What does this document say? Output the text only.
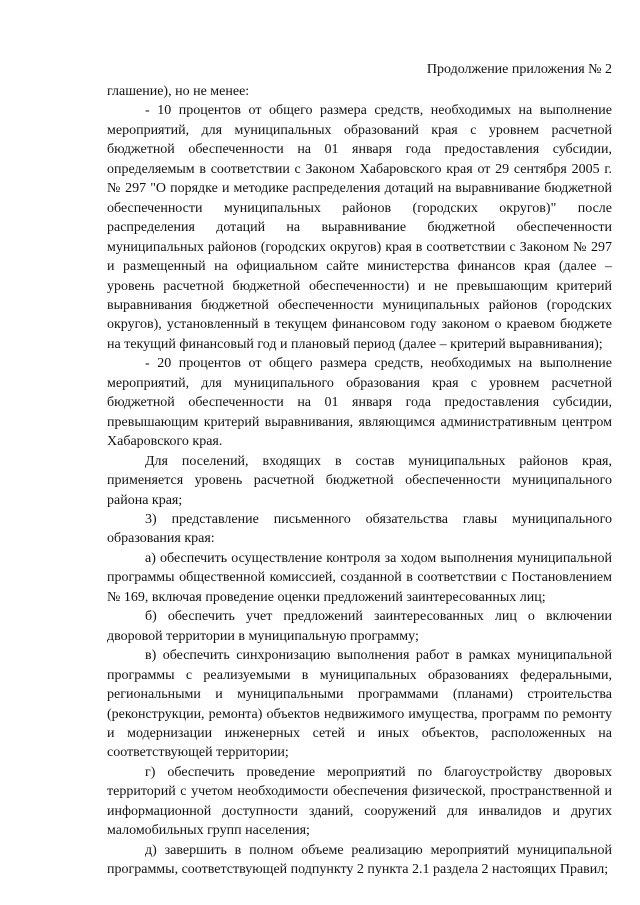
Продолжение приложения № 2

глашение), но не менее:

- 10 процентов от общего размера средств, необходимых на выполнение мероприятий, для муниципальных образований края с уровнем расчетной бюджетной обеспеченности на 01 января года предоставления субсидии, определяемым в соответствии с Законом Хабаровского края от 29 сентября 2005 г. № 297 "О порядке и методике распределения дотаций на выравнивание бюджетной обеспеченности муниципальных районов (городских округов)" после распределения дотаций на выравнивание бюджетной обеспеченности муниципальных районов (городских округов) края в соответствии с Законом № 297 и размещенный на официальном сайте министерства финансов края (далее – уровень расчетной бюджетной обеспеченности) и не превышающим критерий выравнивания бюджетной обеспеченности муниципальных районов (городских округов), установленный в текущем финансовом году законом о краевом бюджете на текущий финансовый год и плановый период (далее – критерий выравнивания);

- 20 процентов от общего размера средств, необходимых на выполнение мероприятий, для муниципального образования края с уровнем расчетной бюджетной обеспеченности на 01 января года предоставления субсидии, превышающим критерий выравнивания, являющимся административным центром Хабаровского края.

Для поселений, входящих в состав муниципальных районов края, применяется уровень расчетной бюджетной обеспеченности муниципального района края;

3) представление письменного обязательства главы муниципального образования края:

а) обеспечить осуществление контроля за ходом выполнения муниципальной программы общественной комиссией, созданной в соответствии с Постановлением № 169, включая проведение оценки предложений заинтересованных лиц;

б) обеспечить учет предложений заинтересованных лиц о включении дворовой территории в муниципальную программу;

в) обеспечить синхронизацию выполнения работ в рамках муниципальной программы с реализуемыми в муниципальных образованиях федеральными, региональными и муниципальными программами (планами) строительства (реконструкции, ремонта) объектов недвижимого имущества, программ по ремонту и модернизации инженерных сетей и иных объектов, расположенных на соответствующей территории;

г) обеспечить проведение мероприятий по благоустройству дворовых территорий с учетом необходимости обеспечения физической, пространственной и информационной доступности зданий, сооружений для инвалидов и других маломобильных групп населения;

д) завершить в полном объеме реализацию мероприятий муниципальной программы, соответствующей подпункту 2 пункта 2.1 раздела 2 настоящих Правил;
